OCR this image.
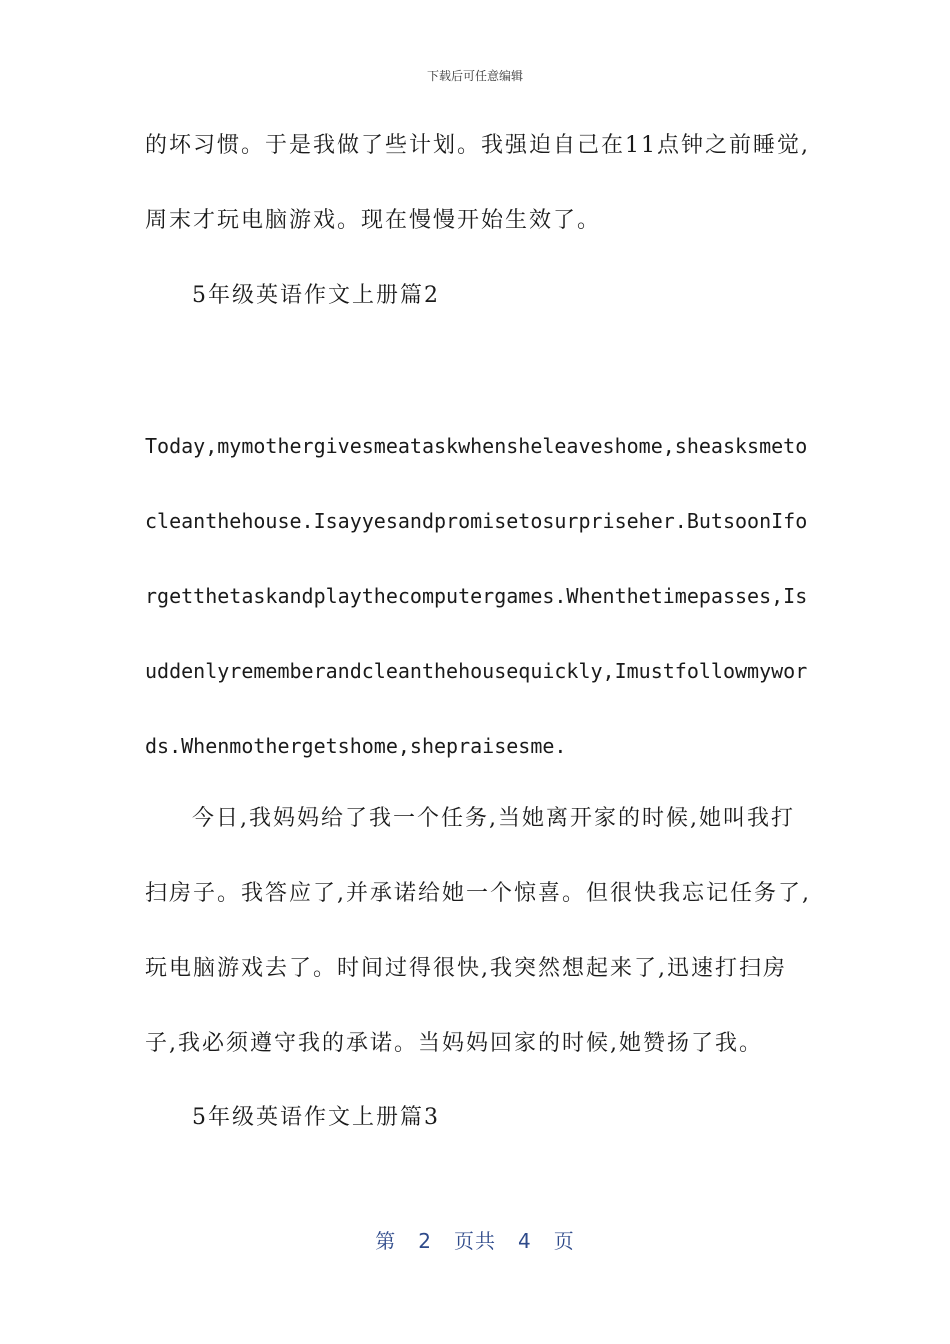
下载后可任意编辑
的坏习惯。于是我做了些计划。我强迫自己在11点钟之前睡觉,
周末才玩电脑游戏。现在慢慢开始生效了。
5年级英语作文上册篇2
Today,mymothergivesmeataskwhensheleaveshome,sheasksmeto
cleanthehouse.Isayyesandpromisetosurpriseher.ButsoonIfo
rgetthetaskandplaythecomputergames.Whenthetimepasses,Is
uddenlyrememberandcleanthehousequickly,Imustfollowmywor
ds.Whenmothergetshome,shepraisesme.
今日,我妈妈给了我一个任务,当她离开家的时候,她叫我打
扫房子。我答应了,并承诺给她一个惊喜。但很快我忘记任务了,
玩电脑游戏去了。时间过得很快,我突然想起来了,迅速打扫房
子,我必须遵守我的承诺。当妈妈回家的时候,她赞扬了我。
5年级英语作文上册篇3
第 2 页共 4 页
